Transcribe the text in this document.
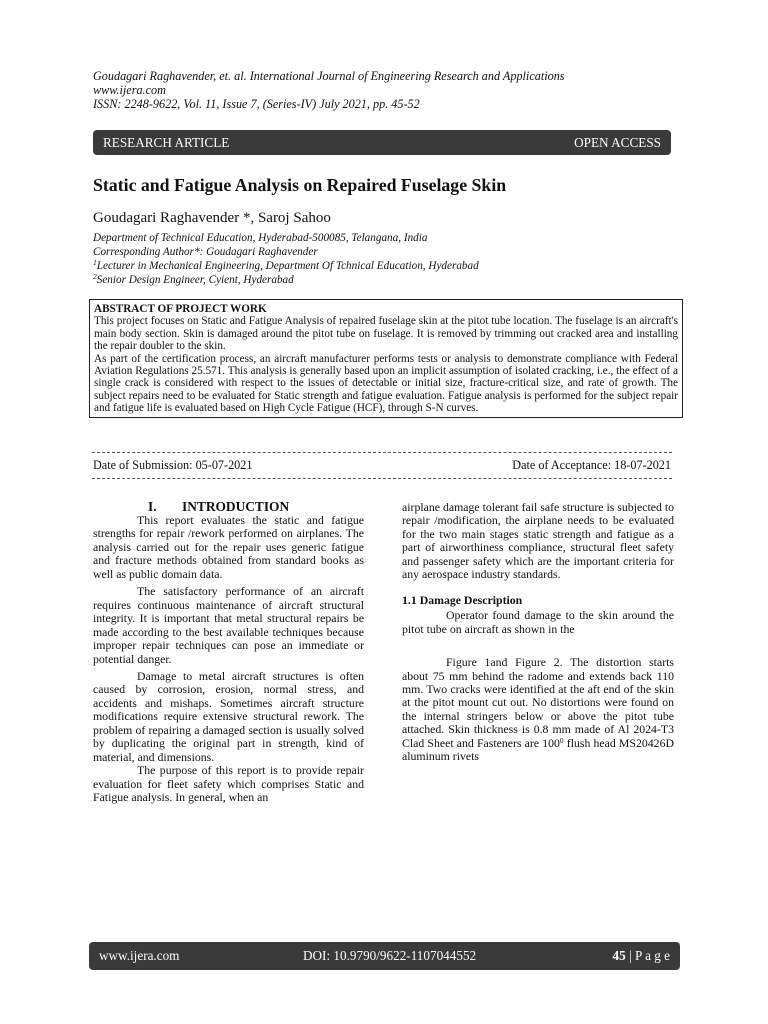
Goudagari Raghavender, et. al. International Journal of Engineering Research and Applications
www.ijera.com
ISSN: 2248-9622, Vol. 11, Issue 7, (Series-IV) July 2021, pp. 45-52
RESEARCH ARTICLE	OPEN ACCESS
Static and Fatigue Analysis on Repaired Fuselage Skin
Goudagari Raghavender *, Saroj Sahoo
Department of Technical Education, Hyderabad-500085, Telangana, India
Corresponding Author*: Goudagari Raghavender
$^1$Lecturer in Mechanical Engineering, Department Of Tchnical Education, Hyderabad
$^2$Senior Design Engineer, Cyient, Hyderabad
ABSTRACT OF PROJECT WORK

This project focuses on Static and Fatigue Analysis of repaired fuselage skin at the pitot tube location. The fuselage is an aircraft's main body section. Skin is damaged around the pitot tube on fuselage. It is removed by trimming out cracked area and installing the repair doubler to the skin.

As part of the certification process, an aircraft manufacturer performs tests or analysis to demonstrate compliance with Federal Aviation Regulations 25.571. This analysis is generally based upon an implicit assumption of isolated cracking, i.e., the effect of a single crack is considered with respect to the issues of detectable or initial size, fracture-critical size, and rate of growth. The subject repairs need to be evaluated for Static strength and fatigue evaluation. Fatigue analysis is performed for the subject repair and fatigue life is evaluated based on High Cycle Fatigue (HCF), through S-N curves.

Date of Submission: 05-07-2021	Date of Acceptance: 18-07-2021
I. INTRODUCTION

This report evaluates the static and fatigue strengths for repair /rework performed on airplanes. The analysis carried out for the repair uses generic fatigue and fracture methods obtained from standard books as well as public domain data.

The satisfactory performance of an aircraft requires continuous maintenance of aircraft structural integrity. It is important that metal structural repairs be made according to the best available techniques because improper repair techniques can pose an immediate or potential danger.

Damage to metal aircraft structures is often caused by corrosion, erosion, normal stress, and accidents and mishaps. Sometimes aircraft structure modifications require extensive structural rework. The problem of repairing a damaged section is usually solved by duplicating the original part in strength, kind of material, and dimensions.

The purpose of this report is to provide repair evaluation for fleet safety which comprises Static and Fatigue analysis. In general, when an

airplane damage tolerant fail safe structure is subjected to repair /modification, the airplane needs to be evaluated for the two main stages static strength and fatigue as a part of airworthiness compliance, structural fleet safety and passenger safety which are the important criteria for any aerospace industry standards.

1.1 Damage Description

Operator found damage to the skin around the pitot tube on aircraft as shown in the

Figure 1and Figure 2. The distortion starts about 75 mm behind the radome and extends back 110 mm. Two cracks were identified at the aft end of the skin at the pitot mount cut out. No distortions were found on the internal stringers below or above the pitot tube attached. Skin thickness is 0.8 mm made of Al 2024-T3 Clad Sheet and Fasteners are $100^0$ flush head MS20426D aluminum rivets

www.ijera.com	DOI: 10.9790/9622-1107044552	45 | P a g e
